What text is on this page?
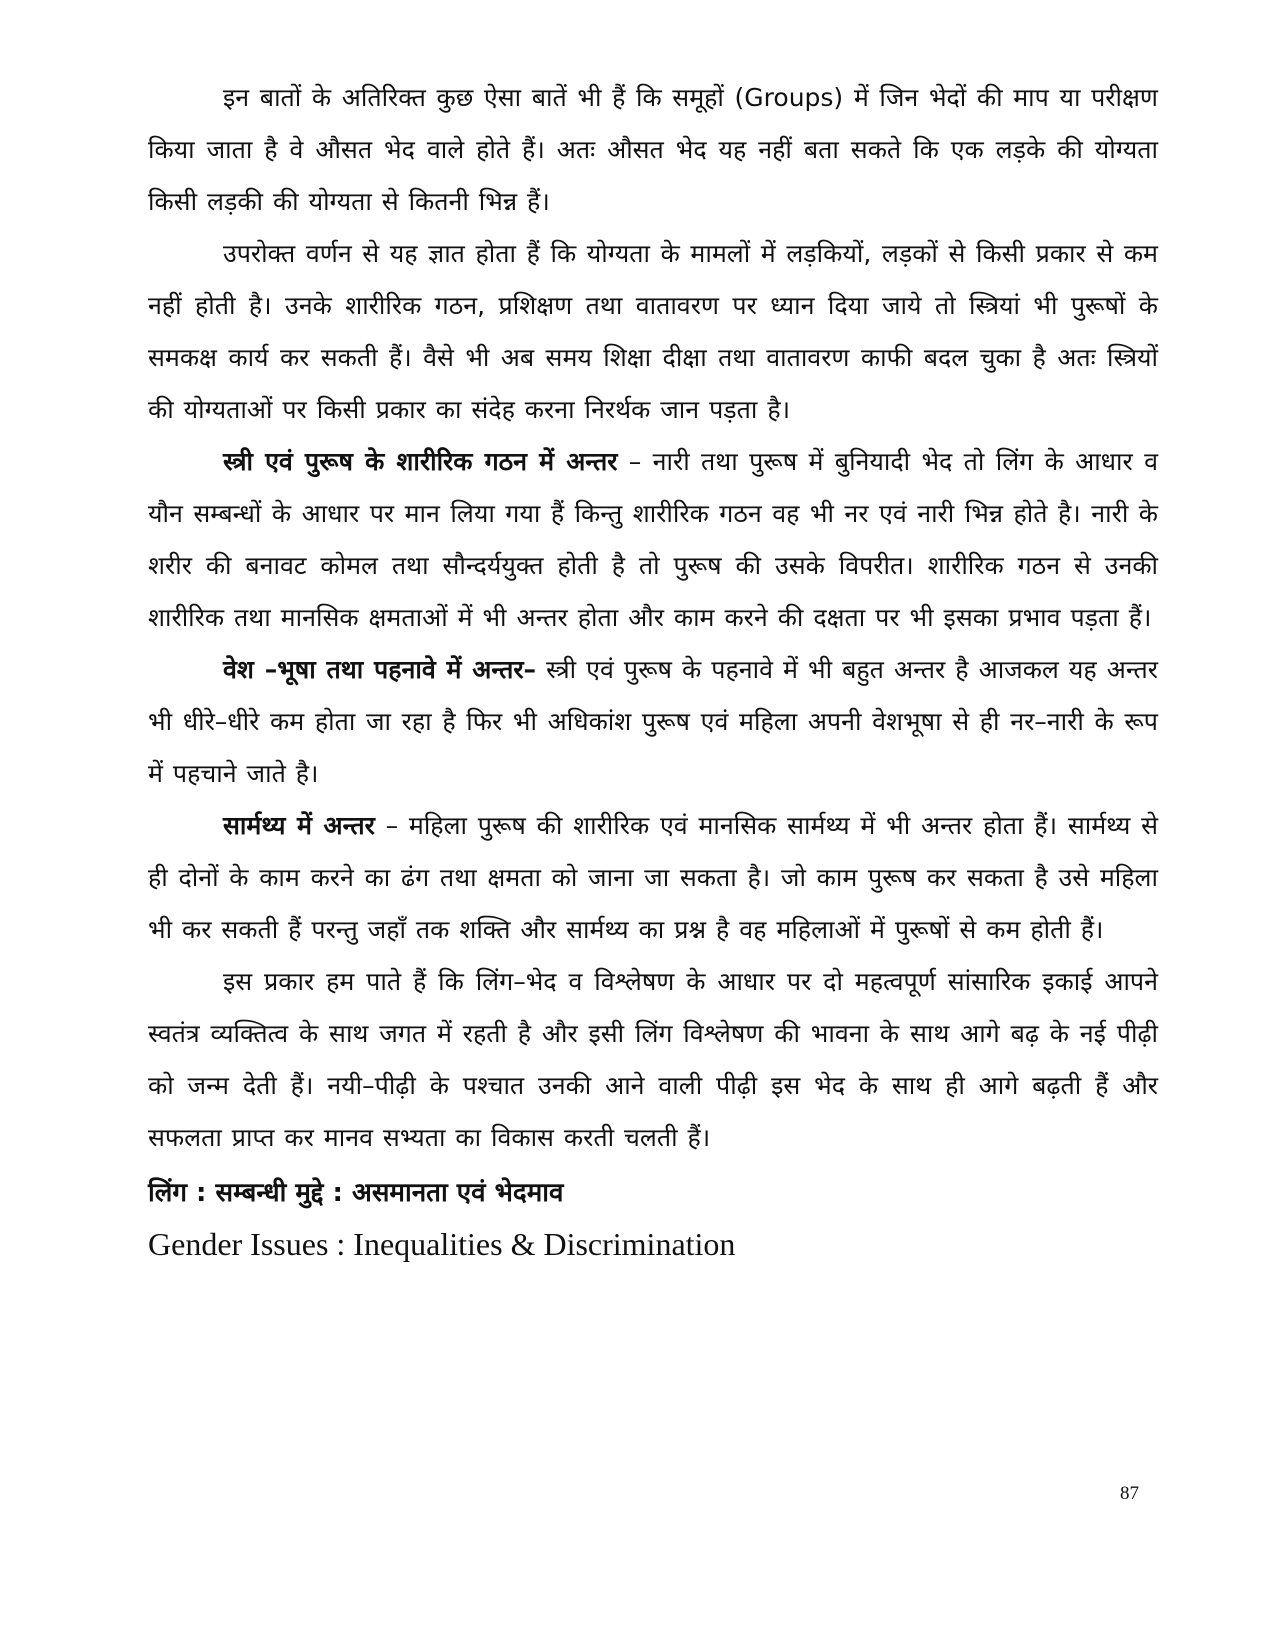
इन बातों के अतिरिक्त कुछ ऐसा बातें भी हैं कि समूहों (Groups) में जिन भेदों की माप या परीक्षण किया जाता है वे औसत भेद वाले होते हैं। अतः औसत भेद यह नहीं बता सकते कि एक लड़के की योग्यता किसी लड़की की योग्यता से कितनी भिन्न हैं।

उपरोक्त वर्णन से यह ज्ञात होता हैं कि योग्यता के मामलों में लड़कियों, लड़कों से किसी प्रकार से कम नहीं होती है। उनके शारीरिक गठन, प्रशिक्षण तथा वातावरण पर ध्यान दिया जाये तो स्त्रियां भी पुरूषों के समकक्ष कार्य कर सकती हैं। वैसे भी अब समय शिक्षा दीक्षा तथा वातावरण काफी बदल चुका है अतः स्त्रियों की योग्यताओं पर किसी प्रकार का संदेह करना निरर्थक जान पड़ता है।

स्त्री एवं पुरूष के शारीरिक गठन में अन्तर – नारी तथा पुरूष में बुनियादी भेद तो लिंग के आधार व यौन सम्बन्धों के आधार पर मान लिया गया हैं किन्तु शारीरिक गठन वह भी नर एवं नारी भिन्न होते है। नारी के शरीर की बनावट कोमल तथा सौन्दर्ययुक्त होती है तो पुरूष की उसके विपरीत। शारीरिक गठन से उनकी शारीरिक तथा मानसिक क्षमताओं में भी अन्तर होता और काम करने की दक्षता पर भी इसका प्रभाव पड़ता हैं।

वेश –भूषा तथा पहनावे में अन्तर– स्त्री एवं पुरूष के पहनावे में भी बहुत अन्तर है आजकल यह अन्तर भी धीरे–धीरे कम होता जा रहा है फिर भी अधिकांश पुरूष एवं महिला अपनी वेशभूषा से ही नर–नारी के रूप में पहचाने जाते है।

सार्मथ्य में अन्तर – महिला पुरूष की शारीरिक एवं मानसिक सार्मथ्य में भी अन्तर होता हैं। सार्मथ्य से ही दोनों के काम करने का ढंग तथा क्षमता को जाना जा सकता है। जो काम पुरूष कर सकता है उसे महिला भी कर सकती हैं परन्तु जहाँ तक शक्ति और सार्मथ्य का प्रश्न है वह महिलाओं में पुरूषों से कम होती हैं।

इस प्रकार हम पाते हैं कि लिंग–भेद व विश्लेषण के आधार पर दो महत्वपूर्ण सांसारिक इकाई आपने स्वतंत्र व्यक्तित्व के साथ जगत में रहती है और इसी लिंग विश्लेषण की भावना के साथ आगे बढ़ के नई पीढ़ी को जन्म देती हैं। नयी–पीढ़ी के पश्चात उनकी आने वाली पीढ़ी इस भेद के साथ ही आगे बढ़ती हैं और सफलता प्राप्त कर मानव सभ्यता का विकास करती चलती हैं।

लिंग : सम्बन्धी मुद्दे : असमानता एवं भेदमाव
Gender Issues : Inequalities & Discrimination
87
